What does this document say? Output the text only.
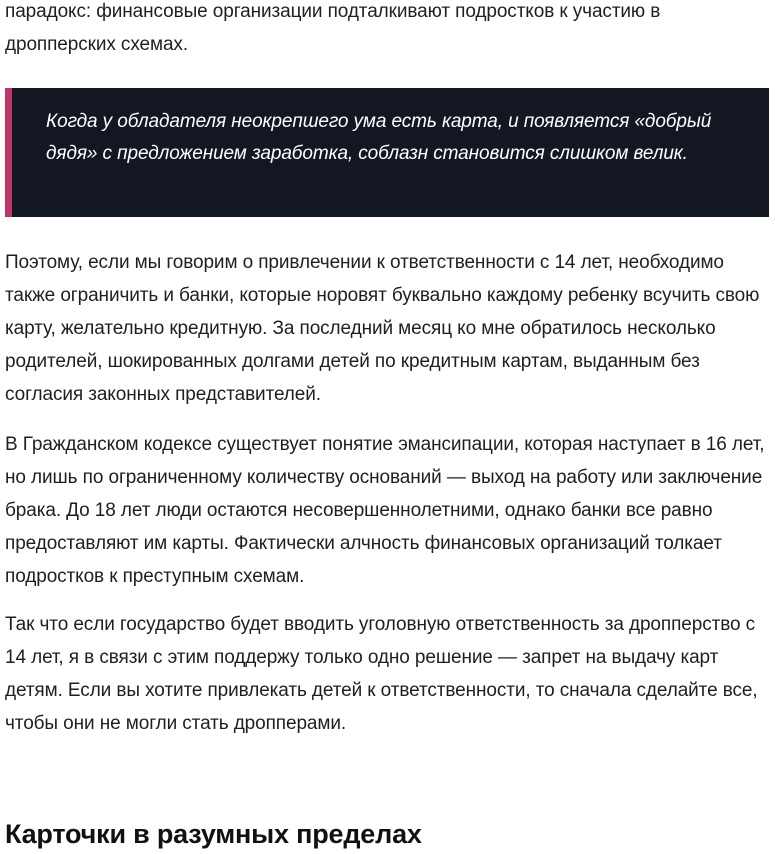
парадокс: финансовые организации подталкивают подростков к участию в дропперских схемах.

Когда у обладателя неокрепшего ума есть карта, и появляется «добрый дядя» с предложением заработка, соблазн становится слишком велик.

Поэтому, если мы говорим о привлечении к ответственности с 14 лет, необходимо также ограничить и банки, которые норовят буквально каждому ребенку всучить свою карту, желательно кредитную. За последний месяц ко мне обратилось несколько родителей, шокированных долгами детей по кредитным картам, выданным без согласия законных представителей.

В Гражданском кодексе существует понятие эмансипации, которая наступает в 16 лет, но лишь по ограниченному количеству оснований — выход на работу или заключение брака. До 18 лет люди остаются несовершеннолетними, однако банки все равно предоставляют им карты. Фактически алчность финансовых организаций толкает подростков к преступным схемам.

Так что если государство будет вводить уголовную ответственность за дропперство с 14 лет, я в связи с этим поддержу только одно решение — запрет на выдачу карт детям. Если вы хотите привлекать детей к ответственности, то сначала сделайте все, чтобы они не могли стать дропперами.

Карточки в разумных пределах
